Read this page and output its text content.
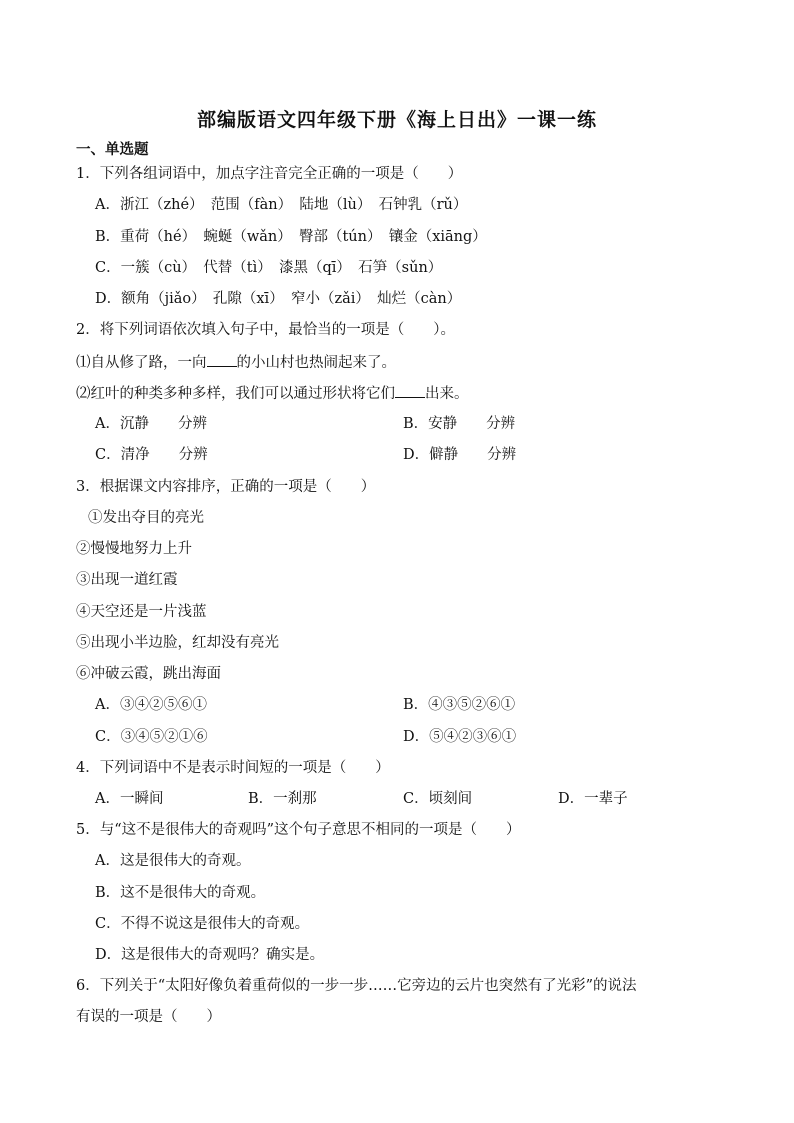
部编版语文四年级下册《海上日出》一课一练
一、单选题
1．下列各组词语中，加点字注音完全正确的一项是（　　）
A．浙江（zhé）　范围（fàn）　陆地（lù）　石钟乳（rǔ）
B．重荷（hé）　蜿蜒（wǎn）　臀部（tún）　镶金（xiāng）
C．一簇（cù）　代替（tì）　漆黑（qī）　石笋（sǔn）
D．额角（jiǎo）　孔隙（xī）　窄小（zǎi）　灿烂（càn）
2．将下列词语依次填入句子中，最恰当的一项是（　　）。
⑴自从修了路，一向 的小山村也热闹起来了。
⑵红叶的种类多种多样，我们可以通过形状将它们 出来。
A．沉静　　分辨	B．安静　　分辨
C．清净　　分辨	D．僻静　　分辨
3．根据课文内容排序，正确的一项是（　　）
①发出夺目的亮光
②慢慢地努力上升
③出现一道红霞
④天空还是一片浅蓝
⑤出现小半边脸，红却没有亮光
⑥冲破云霞，跳出海面
A．③④②⑤⑥①	B．④③⑤②⑥①
C．③④⑤②①⑥	D．⑤④②③⑥①
4．下列词语中不是表示时间短的一项是（　　）
A．一瞬间	B．一刹那	C．顷刻间	D．一辈子
5．与“这不是很伟大的奇观吗”这个句子意思不相同的一项是（　　）
A．这是很伟大的奇观。
B．这不是很伟大的奇观。
C．不得不说这是很伟大的奇观。
D．这是很伟大的奇观吗？确实是。
6．下列关于“太阳好像负着重荷似的一步一步……它旁边的云片也突然有了光彩”的说法
有误的一项是（　　）
